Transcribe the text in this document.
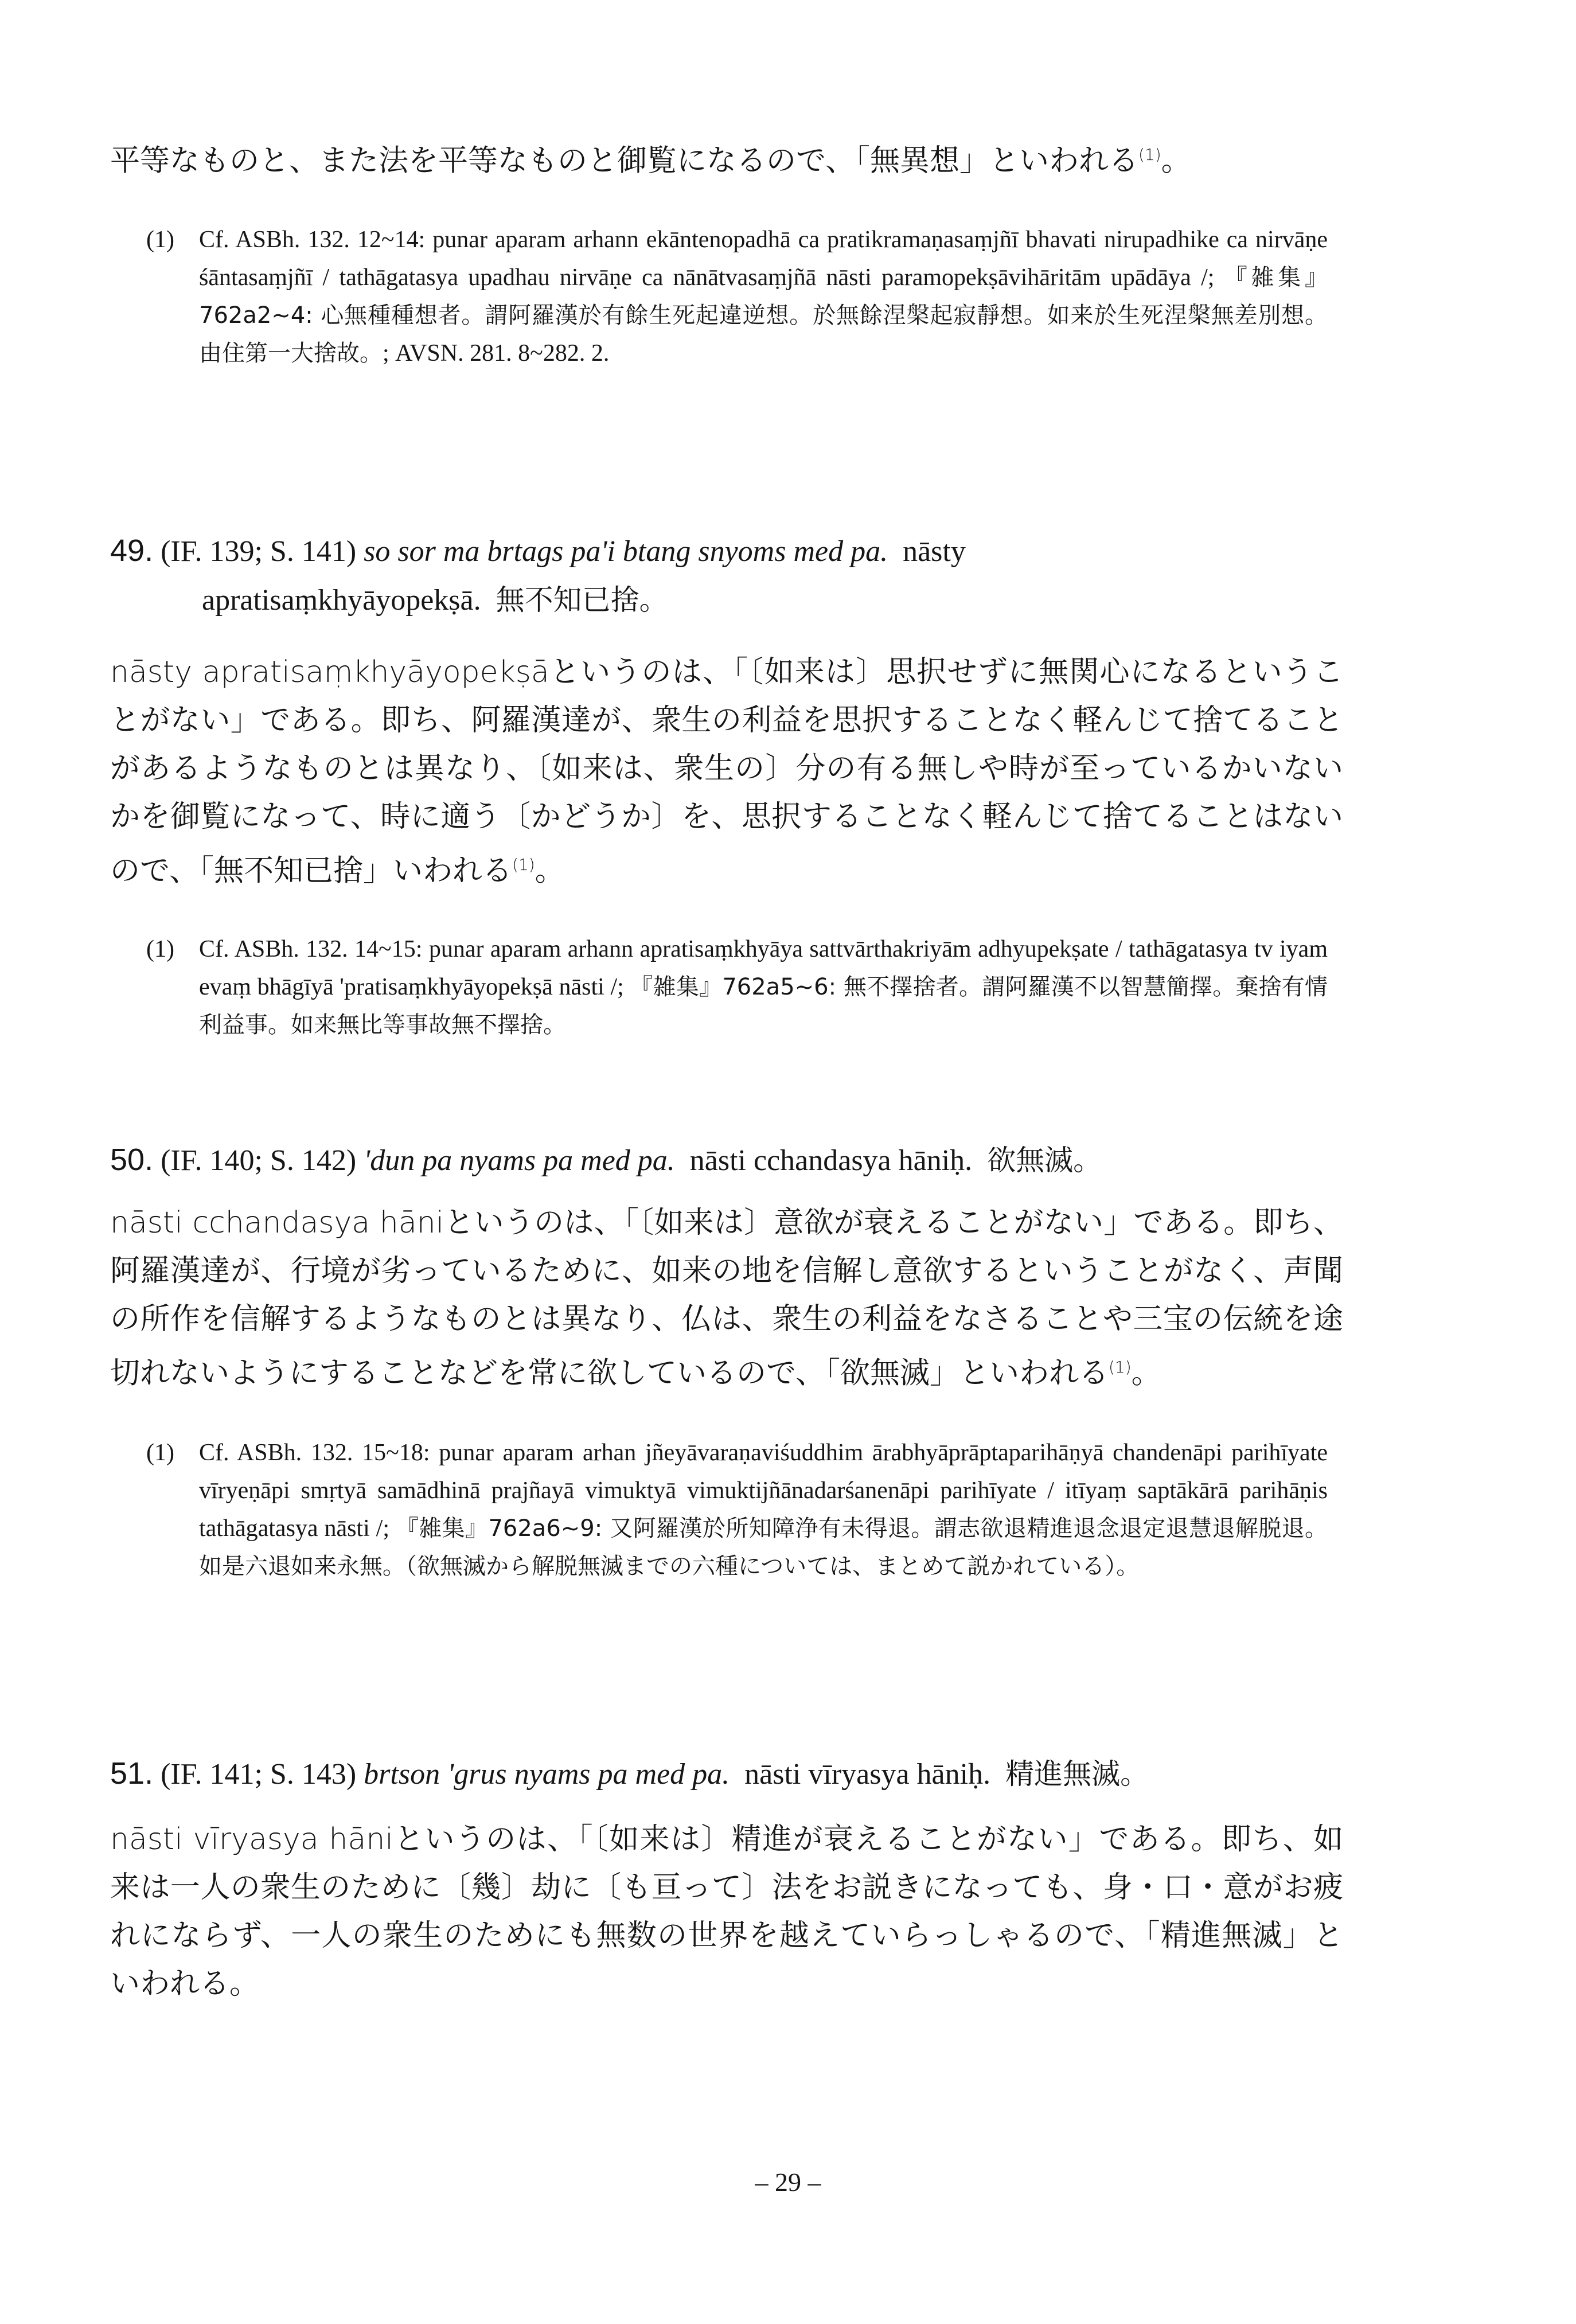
平等なものと、また法を平等なものと御覧になるので、「無異想」といわれる$^{(1)}$。
(1)	Cf. ASBh. 132. 12~14: punar aparam arhann ekāntenopadhā ca pratikramaṇasaṃjñī bhavati nirupadhike ca nirvāṇe śāntasaṃjñī / tathāgatasya upadhau nirvāṇe ca nānātvasaṃjñā nāsti paramopekṣāvihāritām upādāya /; 『雑集』762a2~4: 心無種種想者。謂阿羅漢於有餘生死起違逆想。於無餘涅槃起寂靜想。如来於生死涅槃無差別想。由住第一大捨故。; AVSN. 281. 8~282. 2.
49. (IF. 139; S. 141) so sor ma brtags pa'i btang snyoms med pa. nāsty
apratisaṃkhyāyopekṣā. 無不知已捨。
nāsty apratisaṃkhyāyopekṣāというのは、「〔如来は〕思択せずに無関心になるということがない」である。即ち、阿羅漢達が、衆生の利益を思択することなく軽んじて捨てることがあるようなものとは異なり、〔如来は、衆生の〕分の有る無しや時が至っているかいないかを御覧になって、時に適う〔かどうか〕を、思択することなく軽んじて捨てることはないので、「無不知已捨」いわれる$^{(1)}$。
(1)	Cf. ASBh. 132. 14~15: punar aparam arhann apratisaṃkhyāya sattvārthakriyām adhyupekṣate / tathāgatasya tv iyam evaṃ bhāgīyā 'pratisaṃkhyāyopekṣā nāsti /; 『雑集』762a5~6: 無不擇捨者。謂阿羅漢不以智慧簡擇。棄捨有情利益事。如来無比等事故無不擇捨。
50. (IF. 140; S. 142) 'dun pa nyams pa med pa. nāsti cchandasya hāniḥ. 欲無滅。
nāsti cchandasya hāniというのは、「〔如来は〕意欲が衰えることがない」である。即ち、阿羅漢達が、行境が劣っているために、如来の地を信解し意欲するということがなく、声聞の所作を信解するようなものとは異なり、仏は、衆生の利益をなさることや三宝の伝統を途切れないようにすることなどを常に欲しているので、「欲無滅」といわれる$^{(1)}$。
(1)	Cf. ASBh. 132. 15~18: punar aparam arhan jñeyāvaraṇaviśuddhim ārabhyāprāptaparihāṇyā chandenāpi parihīyate vīryeṇāpi smṛtyā samādhinā prajñayā vimuktyā vimuktijñānadarśanenāpi parihīyate / itīyaṃ saptākārā parihāṇis tathāgatasya nāsti /; 『雑集』762a6~9: 又阿羅漢於所知障浄有未得退。謂志欲退精進退念退定退慧退解脱退。如是六退如来永無。（欲無滅から解脱無滅までの六種については、まとめて説かれている）。
51. (IF. 141; S. 143) brtson 'grus nyams pa med pa. nāsti vīryasya hāniḥ. 精進無滅。
nāsti vīryasya hāniというのは、「〔如来は〕精進が衰えることがない」である。即ち、如来は一人の衆生のために〔幾〕劫に〔も亘って〕法をお説きになっても、身・口・意がお疲れにならず、一人の衆生のためにも無数の世界を越えていらっしゃるので、「精進無滅」といわれる。
– 29 –
